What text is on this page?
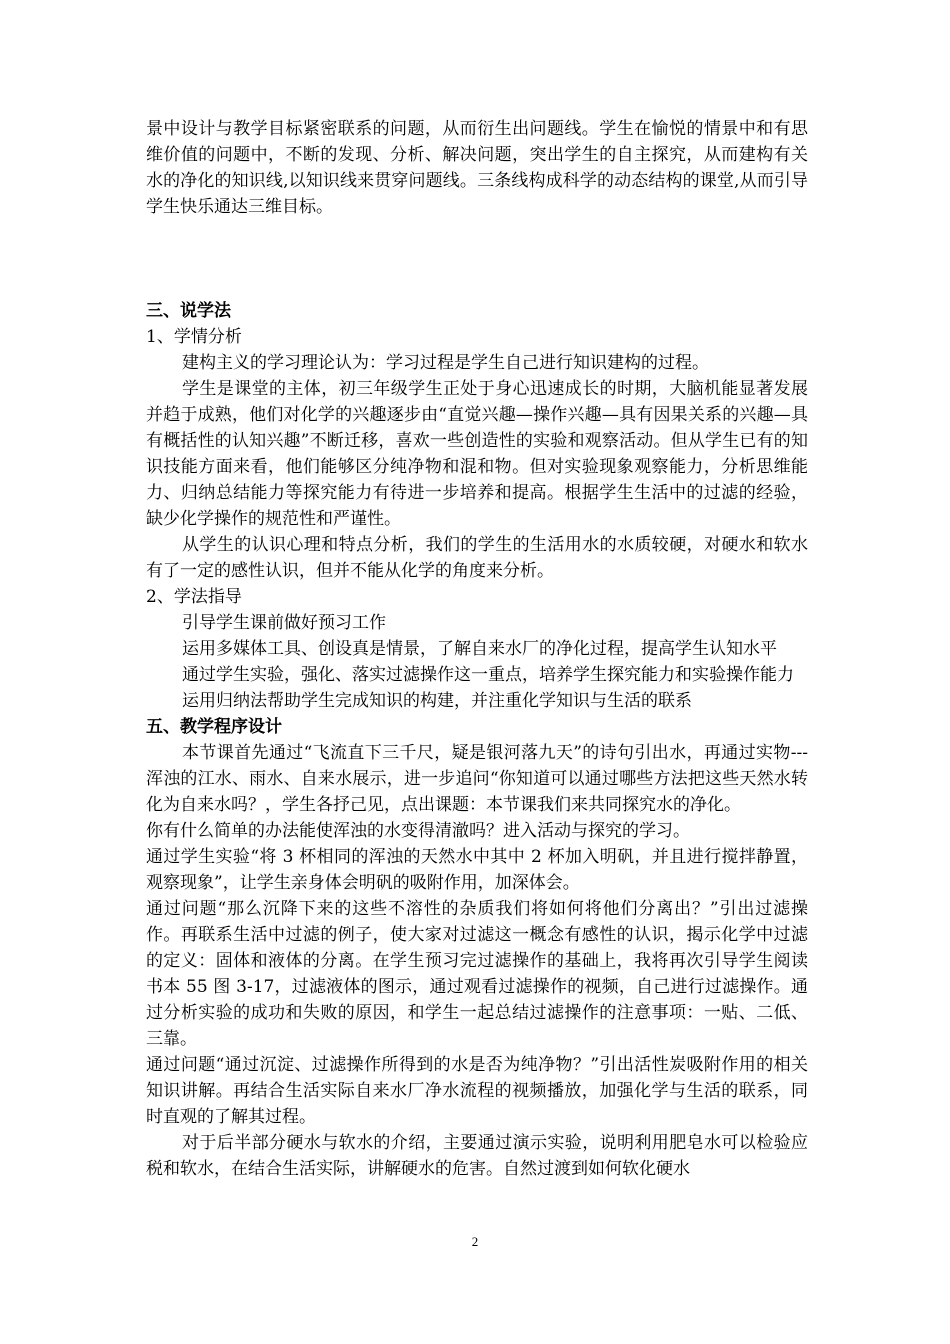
景中设计与教学目标紧密联系的问题，从而衍生出问题线。学生在愉悦的情景中和有思维价值的问题中，不断的发现、分析、解决问题，突出学生的自主探究，从而建构有关水的净化的知识线,以知识线来贯穿问题线。三条线构成科学的动态结构的课堂,从而引导学生快乐通达三维目标。

三、说学法

1、学情分析

建构主义的学习理论认为：学习过程是学生自己进行知识建构的过程。

学生是课堂的主体，初三年级学生正处于身心迅速成长的时期，大脑机能显著发展并趋于成熟，他们对化学的兴趣逐步由“直觉兴趣—操作兴趣—具有因果关系的兴趣—具有概括性的认知兴趣”不断迁移，喜欢一些创造性的实验和观察活动。但从学生已有的知识技能方面来看，他们能够区分纯净物和混和物。但对实验现象观察能力，分析思维能力、归纳总结能力等探究能力有待进一步培养和提高。根据学生生活中的过滤的经验，缺少化学操作的规范性和严谨性。

从学生的认识心理和特点分析，我们的学生的生活用水的水质较硬，对硬水和软水有了一定的感性认识，但并不能从化学的角度来分析。

2、学法指导

引导学生课前做好预习工作

运用多媒体工具、创设真是情景，了解自来水厂的净化过程，提高学生认知水平

通过学生实验，强化、落实过滤操作这一重点，培养学生探究能力和实验操作能力

运用归纳法帮助学生完成知识的构建，并注重化学知识与生活的联系

五、教学程序设计

本节课首先通过“飞流直下三千尺，疑是银河落九天”的诗句引出水，再通过实物---浑浊的江水、雨水、自来水展示，进一步追问“你知道可以通过哪些方法把这些天然水转化为自来水吗？，学生各抒己见，点出课题：本节课我们来共同探究水的净化。

你有什么简单的办法能使浑浊的水变得清澈吗？进入活动与探究的学习。

通过学生实验“将 3 杯相同的浑浊的天然水中其中 2 杯加入明矾，并且进行搅拌静置，观察现象”，让学生亲身体会明矾的吸附作用，加深体会。

通过问题“那么沉降下来的这些不溶性的杂质我们将如何将他们分离出？”引出过滤操作。再联系生活中过滤的例子，使大家对过滤这一概念有感性的认识，揭示化学中过滤的定义：固体和液体的分离。在学生预习完过滤操作的基础上，我将再次引导学生阅读书本 55 图 3-17，过滤液体的图示，通过观看过滤操作的视频，自己进行过滤操作。通过分析实验的成功和失败的原因，和学生一起总结过滤操作的注意事项：一贴、二低、三靠。

通过问题“通过沉淀、过滤操作所得到的水是否为纯净物？”引出活性炭吸附作用的相关知识讲解。再结合生活实际自来水厂净水流程的视频播放，加强化学与生活的联系，同时直观的了解其过程。

对于后半部分硬水与软水的介绍，主要通过演示实验，说明利用肥皂水可以检验应税和软水，在结合生活实际，讲解硬水的危害。自然过渡到如何软化硬水

2
